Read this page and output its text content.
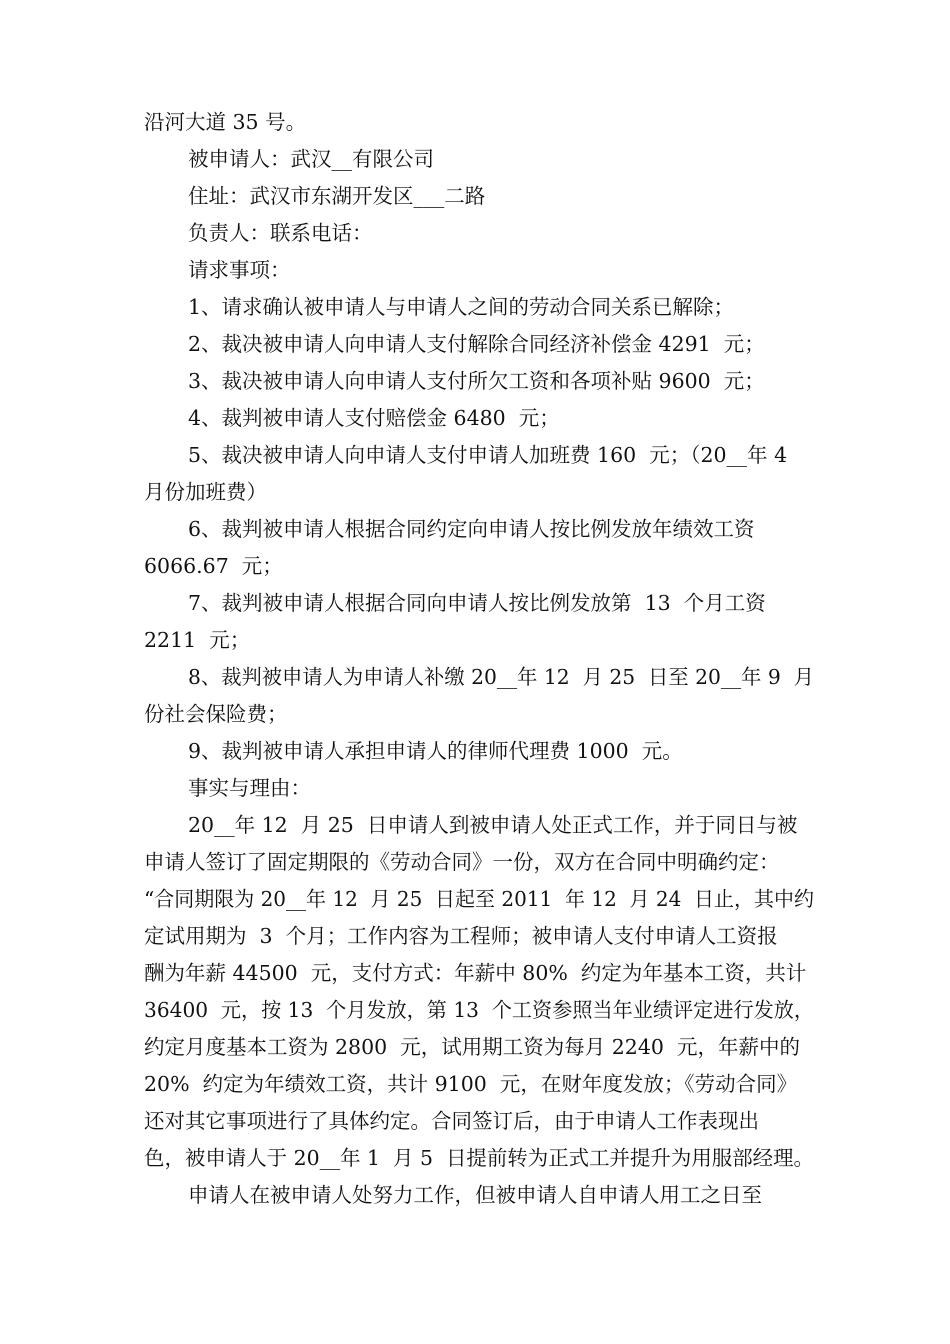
沿河大道 35 号。
被申请人：武汉__有限公司
住址：武汉市东湖开发区___二路
负责人：联系电话：
请求事项：
1、请求确认被申请人与申请人之间的劳动合同关系已解除；
2、裁决被申请人向申请人支付解除合同经济补偿金 4291  元；
3、裁决被申请人向申请人支付所欠工资和各项补贴 9600  元；
4、裁判被申请人支付赔偿金 6480  元；
5、裁决被申请人向申请人支付申请人加班费 160  元；（20__年 4
月份加班费）
6、裁判被申请人根据合同约定向申请人按比例发放年绩效工资
6066.67  元；
7、裁判被申请人根据合同向申请人按比例发放第  13  个月工资
2211  元；
8、裁判被申请人为申请人补缴 20__年 12  月 25  日至 20__年 9  月
份社会保险费；
9、裁判被申请人承担申请人的律师代理费 1000  元。
事实与理由：
20__年 12  月 25  日申请人到被申请人处正式工作，并于同日与被
申请人签订了固定期限的《劳动合同》一份，双方在合同中明确约定：
“合同期限为 20__年 12  月 25  日起至 2011  年 12  月 24  日止，其中约
定试用期为  3  个月；工作内容为工程师；被申请人支付申请人工资报
酬为年薪 44500  元，支付方式：年薪中 80%  约定为年基本工资，共计
36400  元，按 13  个月发放，第 13  个工资参照当年业绩评定进行发放，
约定月度基本工资为 2800  元，试用期工资为每月 2240  元，年薪中的
20%  约定为年绩效工资，共计 9100  元，在财年度发放；《劳动合同》
还对其它事项进行了具体约定。合同签订后，由于申请人工作表现出
色，被申请人于 20__年 1  月 5  日提前转为正式工并提升为用服部经理。
申请人在被申请人处努力工作，但被申请人自申请人用工之日至
